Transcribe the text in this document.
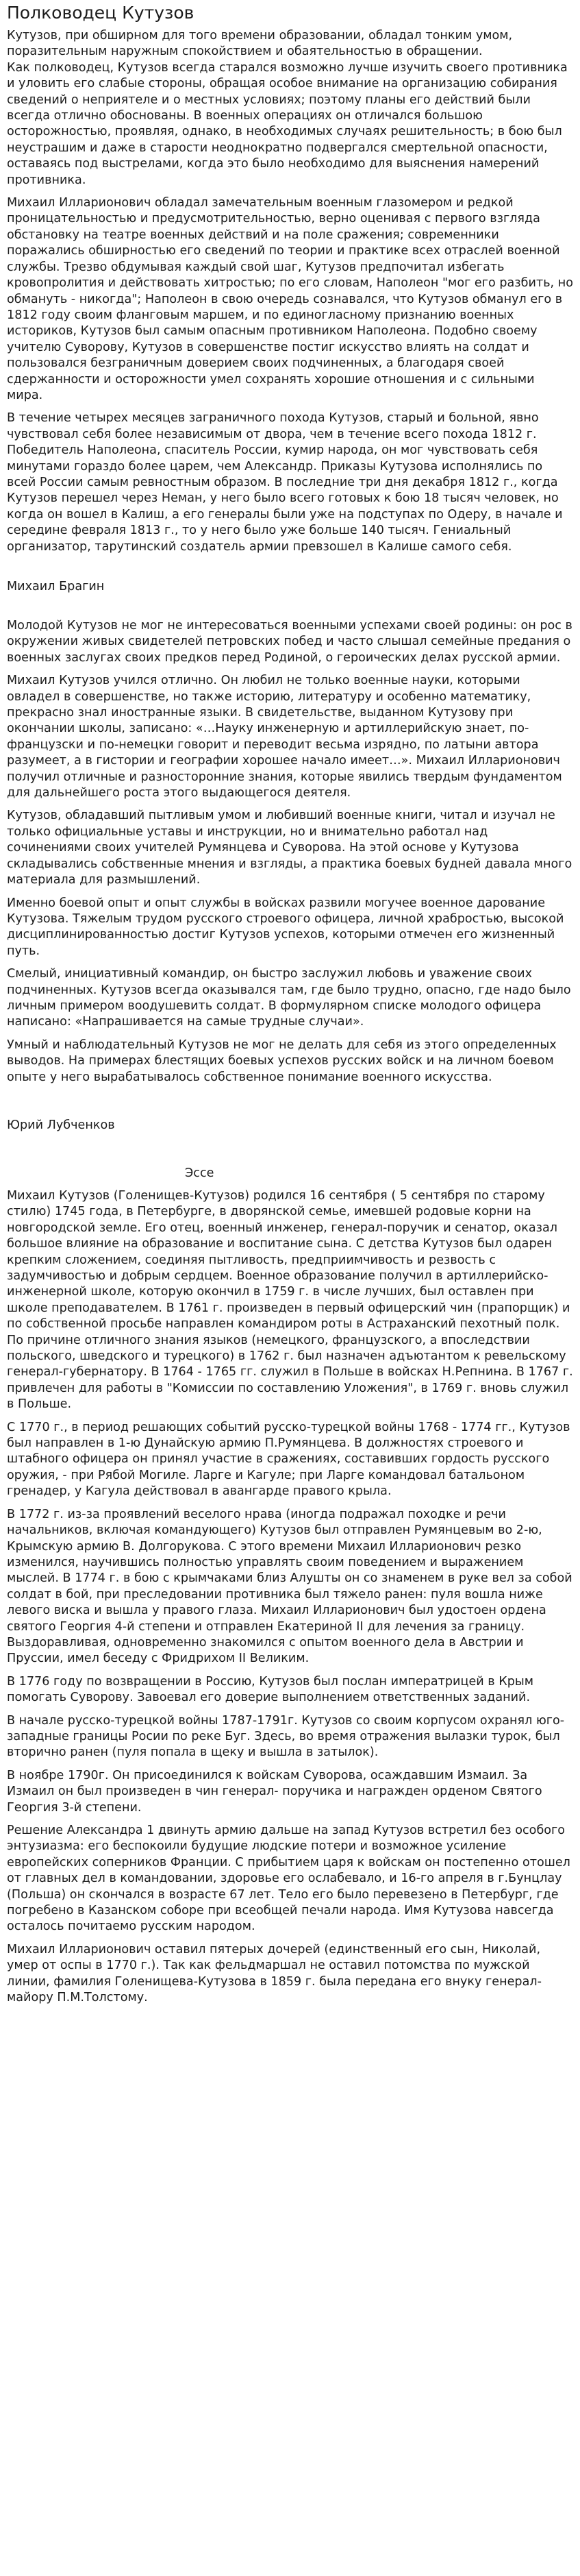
Полководец Кутузов

Кутузов, при обширном для того времени образовании, обладал тонким умом, поразительным наружным спокойствием и обаятельностью в обращении.

Как полководец, Кутузов всегда старался возможно лучше изучить своего противника и уловить его слабые стороны, обращая особое внимание на организацию собирания сведений о неприятеле и о местных условиях; поэтому планы его действий были всегда отлично обоснованы. В военных операциях он отличался большою осторожностью, проявляя, однако, в необходимых случаях решительность; в бою был неустрашим и даже в старости неоднократно подвергался смертельной опасности, оставаясь под выстрелами, когда это было необходимо для выяснения намерений противника.

Михаил Илларионович обладал замечательным военным глазомером и редкой проницательностью и предусмотрительностью, верно оценивая с первого взгляда обстановку на театре военных действий и на поле сражения; современники поражались обширностью его сведений по теории и практике всех отраслей военной службы. Трезво обдумывая каждый свой шаг, Кутузов предпочитал избегать кровопролития и действовать хитростью; по его словам, Наполеон "мог его разбить, но обмануть - никогда"; Наполеон в свою очередь сознавался, что Кутузов обманул его в 1812 году своим фланговым маршем, и по единогласному признанию военных историков, Кутузов был самым опасным противником Наполеона. Подобно своему учителю Суворову, Кутузов в совершенстве постиг искусство влиять на солдат и пользовался безграничным доверием своих подчиненных, а благодаря своей сдержанности и осторожности умел сохранять хорошие отношения и с сильными мира.

В течение четырех месяцев заграничного похода Кутузов, старый и больной, явно чувствовал себя более независимым от двора, чем в течение всего похода 1812 г. Победитель Наполеона, спаситель России, кумир народа, он мог чувствовать себя минутами гораздо более царем, чем Александр. Приказы Кутузова исполнялись по всей России самым ревностным образом. В последние три дня декабря 1812 г., когда Кутузов перешел через Неман, у него было всего готовых к бою 18 тысяч человек, но когда он вошел в Калиш, а его генералы были уже на подступах по Одеру, в начале и середине февраля 1813 г., то у него было уже больше 140 тысяч. Гениальный организатор, тарутинский создатель армии превзошел в Калише самого себя.

Михаил Брагин

Молодой Кутузов не мог не интересоваться военными успехами своей родины: он рос в окружении живых свидетелей петровских побед и часто слышал семейные предания о военных заслугах своих предков перед Родиной, о героических делах русской армии.

Михаил Кутузов учился отлично. Он любил не только военные науки, которыми овладел в совершенстве, но также историю, литературу и особенно математику, прекрасно знал иностранные языки. В свидетельстве, выданном Кутузову при окончании школы, записано: «…Науку инженерную и артиллерийскую знает, по-французски и по-немецки говорит и переводит весьма изрядно, по латыни автора разумеет, а в гистории и географии хорошее начало имеет…». Михаил Илларионович получил отличные и разносторонние знания, которые явились твердым фундаментом для дальнейшего роста этого выдающегося деятеля.

Кутузов, обладавший пытливым умом и любивший военные книги, читал и изучал не только официальные уставы и инструкции, но и внимательно работал над сочинениями своих учителей Румянцева и Суворова. На этой основе у Кутузова складывались собственные мнения и взгляды, а практика боевых будней давала много материала для размышлений.

Именно боевой опыт и опыт службы в войсках развили могучее военное дарование Кутузова. Тяжелым трудом русского строевого офицера, личной храбростью, высокой дисциплинированностью достиг Кутузов успехов, которыми отмечен его жизненный путь.

Смелый, инициативный командир, он быстро заслужил любовь и уважение своих подчиненных. Кутузов всегда оказывался там, где было трудно, опасно, где надо было личным примером воодушевить солдат. В формулярном списке молодого офицера написано: «Напрашивается на самые трудные случаи».

Умный и наблюдательный Кутузов не мог не делать для себя из этого определенных выводов. На примерах блестящих боевых успехов русских войск и на личном боевом опыте у него вырабатывалось собственное понимание военного искусства.

Юрий Лубченков

Эссе

Михаил Кутузов (Голенищев-Кутузов) родился 16 сентября ( 5 сентября по старому стилю) 1745 года, в Петербурге, в дворянской семье, имевшей родовые корни на новгородской земле. Его отец, военный инженер, генерал-поручик и сенатор, оказал большое влияние на образование и воспитание сына. С детства Кутузов был одарен крепким сложением, соединяя пытливость, предприимчивость и резвость с задумчивостью и добрым сердцем. Военное образование получил в артиллерийско-инженерной школе, которую окончил в 1759 г. в числе лучших, был оставлен при школе преподавателем. В 1761 г. произведен в первый офицерский чин (прапорщик) и по собственной просьбе направлен командиром роты в Астраханский пехотный полк. По причине отличного знания языков (немецкого, французского, а впоследствии польского, шведского и турецкого) в 1762 г. был назначен адъютантом к ревельскому генерал-губернатору. В 1764 - 1765 гг. служил в Польше в войсках Н.Репнина. В 1767 г. привлечен для работы в "Комиссии по составлению Уложения", в 1769 г. вновь служил в Польше.

С 1770 г., в период решающих событий русско-турецкой войны 1768 - 1774 гг., Кутузов был направлен в 1-ю Дунайскую армию П.Румянцева. В должностях строевого и штабного офицера он принял участие в сражениях, составивших гордость русского оружия, - при Рябой Могиле. Ларге и Кагуле; при Ларге командовал батальоном гренадер, у Кагула действовал в авангарде правого крыла.

В 1772 г. из-за проявлений веселого нрава (иногда подражал походке и речи начальников, включая командующего) Кутузов был отправлен Румянцевым во 2-ю, Крымскую армию В. Долгорукова. С этого времени Михаил Илларионович резко изменился, научившись полностью управлять своим поведением и выражением мыслей. В 1774 г. в бою с крымчаками близ Алушты он со знаменем в руке вел за собой солдат в бой, при преследовании противника был тяжело ранен: пуля вошла ниже левого виска и вышла у правого глаза. Михаил Илларионович был удостоен ордена святого Георгия 4-й степени и отправлен Екатериной II для лечения за границу. Выздоравливая, одновременно знакомился с опытом военного дела в Австрии и Пруссии, имел беседу с Фридрихом II Великим.

В 1776 году по возвращении в Россию, Кутузов был послан императрицей в Крым помогать Суворову. Завоевал его доверие выполнением ответственных заданий.

В начале русско-турецкой войны 1787-1791г. Кутузов со своим корпусом охранял юго-западные границы Росии по реке Буг. Здесь, во время отражения вылазки турок, был вторично ранен (пуля попала в щеку и вышла в затылок).

В ноябре 1790г. Он присоединился к войскам Суворова, осаждавшим Измаил. За Измаил он был произведен в чин генерал- поручика и награжден орденом Святого Георгия 3-й степени.

Решение Александра 1 двинуть армию дальше на запад Кутузов встретил без особого энтузиазма: его беспокоили будущие людские потери и возможное усиление европейских соперников Франции. С прибытием царя к войскам он постепенно отошел от главных дел в командовании, здоровье его ослабевало, и 16-го апреля в г.Бунцлау (Польша) он скончался в возрасте 67 лет. Тело его было перевезено в Петербург, где погребено в Казанском соборе при всеобщей печали народа. Имя Кутузова навсегда осталось почитаемо русским народом.

Михаил Илларионович оставил пятерых дочерей (единственный его сын, Николай, умер от оспы в 1770 г.). Так как фельдмаршал не оставил потомства по мужской линии, фамилия Голенищева-Кутузова в 1859 г. была передана его внуку генерал-майору П.М.Толстому.
